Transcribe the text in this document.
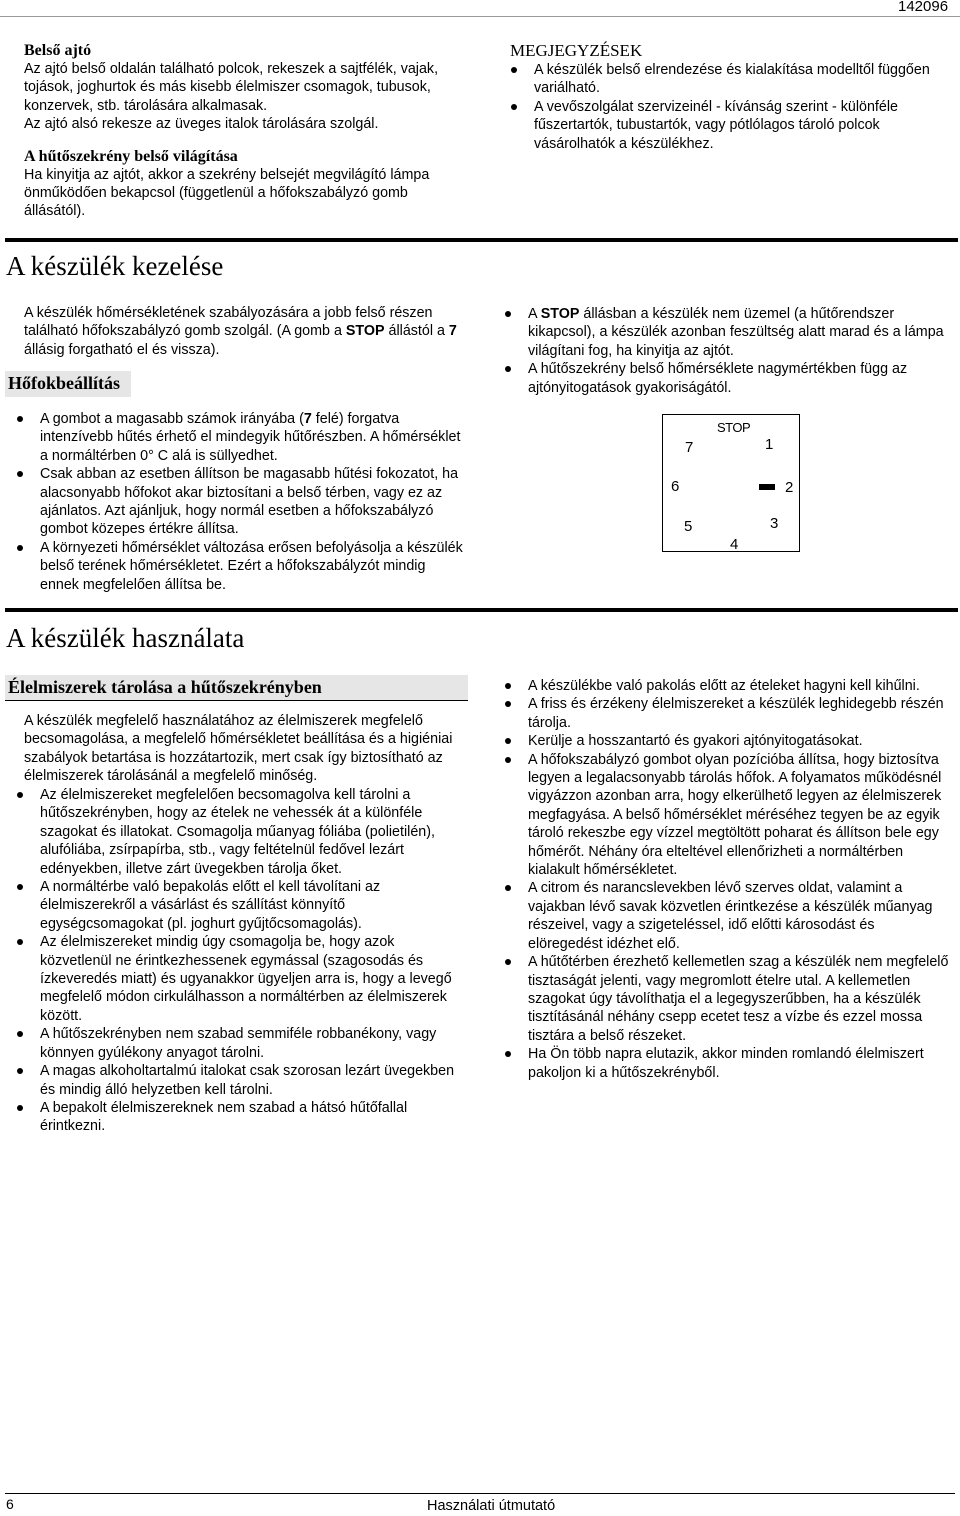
142096
Belső ajtó

Az ajtó belső oldalán található polcok, rekeszek a sajtfélék, vajak, tojások, joghurtok és más kisebb élelmiszer csomagok, tubusok, konzervek, stb. tárolására alkalmasak.

Az ajtó alsó rekesze az üveges italok tárolására szolgál.

A hűtőszekrény belső világítása

Ha kinyitja az ajtót, akkor a szekrény belsejét megvilágító lámpa önműködően bekapcsol (függetlenül a hőfokszabályzó gomb állásától).

MEGJEGYZÉSEK
A készülék belső elrendezése és kialakítása modelltől függően variálható.
A vevőszolgálat szervizeinél - kívánság szerint - különféle fűszertartók, tubustartók, vagy pótlólagos tároló polcok vásárolhatók a készülékhez.
A készülék kezelése
A készülék hőmérsékletének szabályozására a jobb felső részen található hőfokszabályzó gomb szolgál. (A gomb a STOP állástól a 7 állásig forgatható el és vissza).
Hőfokbeállítás
A gombot a magasabb számok irányába (7 felé) forgatva intenzívebb hűtés érhető el mindegyik hűtőrészben. A hőmérséklet a normáltérben 0° C alá is süllyedhet.
Csak abban az esetben állítson be magasabb hűtési fokozatot, ha alacsonyabb hőfokot akar biztosítani a belső térben, vagy ez az ajánlatos. Azt ajánljuk, hogy normál esetben a hőfokszabályzó gombot közepes értékre állítsa.
A környezeti hőmérséklet változása erősen befolyásolja a készülék belső terének hőmérsékletet. Ezért a hőfokszabályzót mindig ennek megfelelően állítsa be.
A STOP állásban a készülék nem üzemel (a hűtőrendszer kikapcsol), a készülék azonban feszültség alatt marad és a lámpa világítani fog, ha kinyitja az ajtót.
A hűtőszekrény belső hőmérséklete nagymértékben függ az ajtónyitogatások gyakoriságától.
STOP
1
7
6	2
5	3
4
A készülék használata
Élelmiszerek tárolása a hűtőszekrényben
A készülék megfelelő használatához az élelmiszerek megfelelő becsomagolása, a megfelelő hőmérsékletet beállítása és a higiéniai szabályok betartása is hozzátartozik, mert csak így biztosítható az élelmiszerek tárolásánál a megfelelő minőség.
Az élelmiszereket megfelelően becsomagolva kell tárolni a hűtőszekrényben, hogy az ételek ne vehessék át a különféle szagokat és illatokat. Csomagolja műanyag fóliába (polietilén), alufóliába, zsírpapírba, stb., vagy feltételnül fedővel lezárt edényekben, illetve zárt üvegekben tárolja őket.
A normáltérbe való bepakolás előtt el kell távolítani az élelmiszerekről a vásárlást és szállítást könnyítő egységcsomagokat (pl. joghurt gyűjtőcsomagolás).
Az élelmiszereket mindig úgy csomagolja be, hogy azok közvetlenül ne érintkezhessenek egymással (szagosodás és ízkeveredés miatt) és ugyanakkor ügyeljen arra is, hogy a levegő megfelelő módon cirkulálhasson a normáltérben az élelmiszerek között.
A hűtőszekrényben nem szabad semmiféle robbanékony, vagy könnyen gyúlékony anyagot tárolni.
A magas alkoholtartalmú italokat csak szorosan lezárt üvegekben és mindig álló helyzetben kell tárolni.
A bepakolt élelmiszereknek nem szabad a hátsó hűtőfallal érintkezni.
A készülékbe való pakolás előtt az ételeket hagyni kell kihűlni.
A friss és érzékeny élelmiszereket a készülék leghidegebb részén tárolja.
Kerülje a hosszantartó és gyakori ajtónyitogatásokat.
A hőfokszabályzó gombot olyan pozícióba állítsa, hogy biztosítva legyen a legalacsonyabb tárolás hőfok. A folyamatos működésnél vigyázzon azonban arra, hogy elkerülhető legyen az élelmiszerek megfagyása. A belső hőmérséklet méréséhez tegyen be az egyik tároló rekeszbe egy vízzel megtöltött poharat és állítson bele egy hőmérőt. Néhány óra elteltével ellenőrizheti a normáltérben kialakult hőmérsékletet.
A citrom és narancslevekben lévő szerves oldat, valamint a vajakban lévő savak közvetlen érintkezése a készülék műanyag részeivel, vagy a szigeteléssel, idő előtti károsodást és elöregedést idézhet elő.
A hűtőtérben érezhető kellemetlen szag a készülék nem megfelelő tisztaságát jelenti, vagy megromlott ételre utal. A kellemetlen szagokat úgy távolíthatja el a legegyszerűbben, ha a készülék tisztításánál néhány csepp ecetet tesz a vízbe és ezzel mossa tisztára a belső részeket.
Ha Ön több napra elutazik, akkor minden romlandó élelmiszert pakoljon ki a hűtőszekrényből.
6	Használati útmutató
